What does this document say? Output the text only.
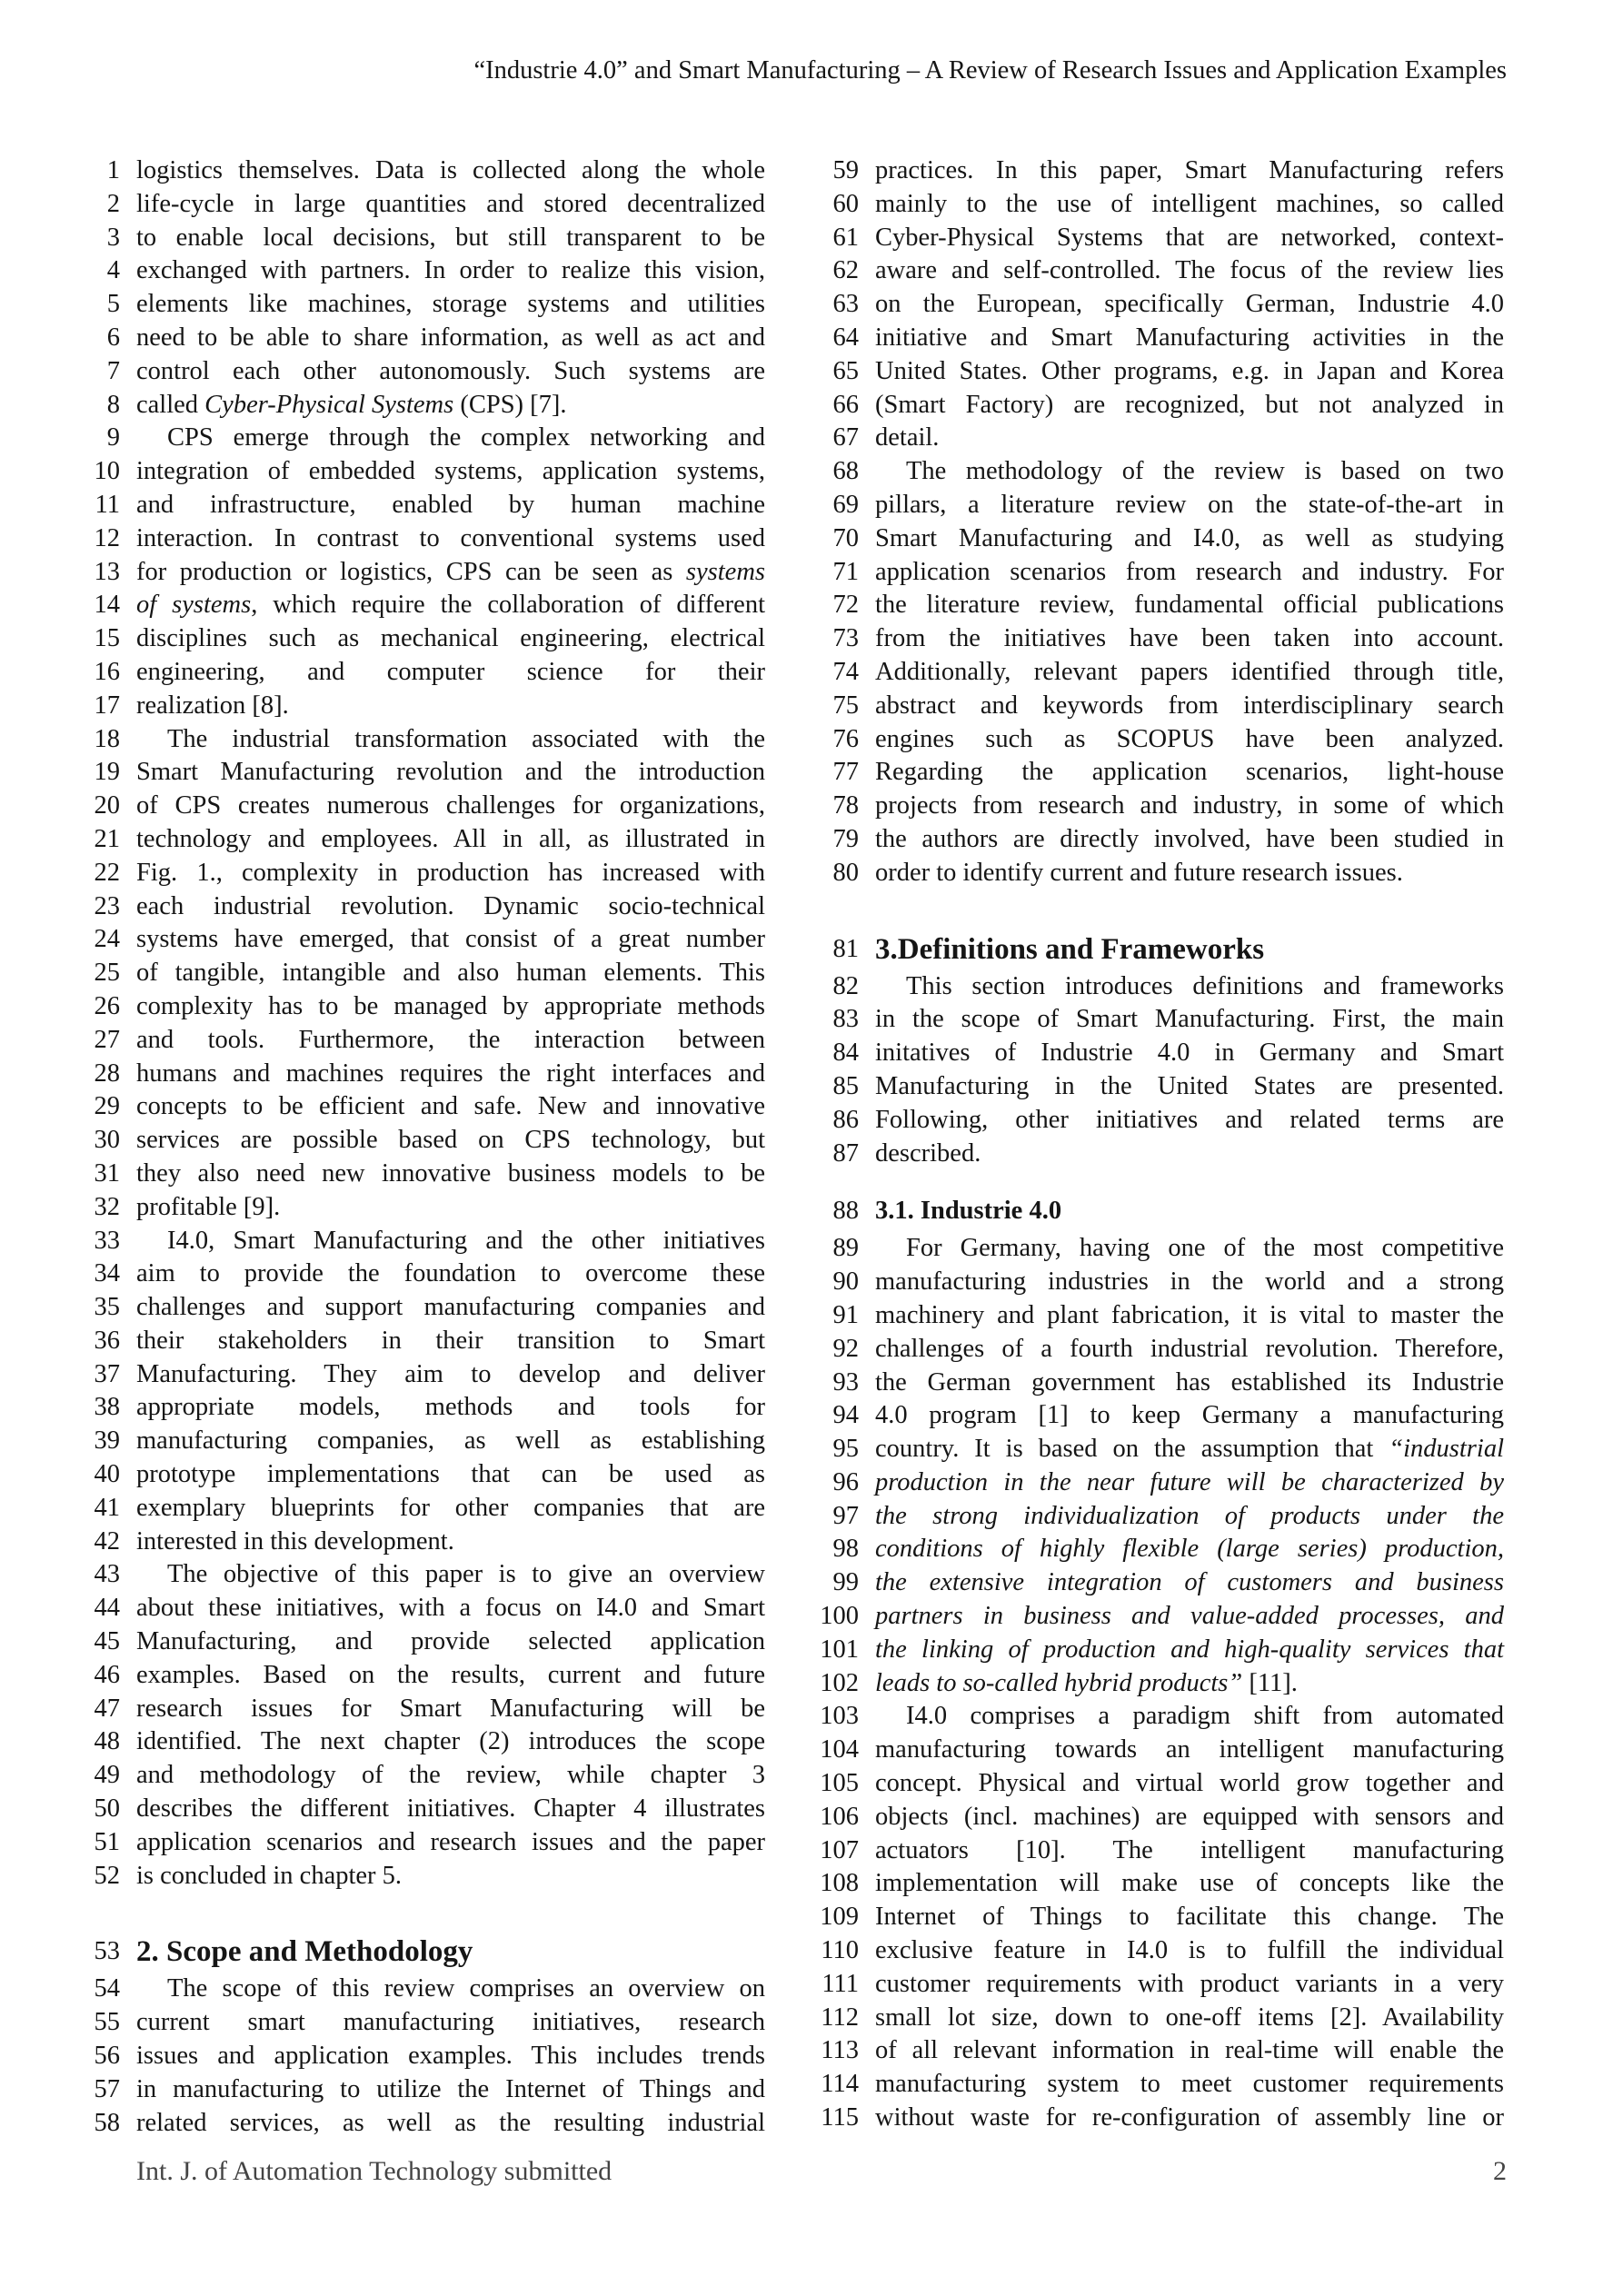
“Industrie 4.0” and Smart Manufacturing – A Review of Research Issues and Application Examples
1 logistics themselves. Data is collected along the whole
2 life-cycle in large quantities and stored decentralized
3 to enable local decisions, but still transparent to be
4 exchanged with partners. In order to realize this vision,
5 elements like machines, storage systems and utilities
6 need to be able to share information, as well as act and
7 control each other autonomously. Such systems are
8 called Cyber-Physical Systems (CPS) [7].
9 CPS emerge through the complex networking and
10 integration of embedded systems, application systems,
11 and infrastructure, enabled by human machine
12 interaction. In contrast to conventional systems used
13 for production or logistics, CPS can be seen as systems
14 of systems, which require the collaboration of different
15 disciplines such as mechanical engineering, electrical
16 engineering, and computer science for their
17 realization [8].
18 The industrial transformation associated with the
19 Smart Manufacturing revolution and the introduction
20 of CPS creates numerous challenges for organizations,
21 technology and employees. All in all, as illustrated in
22 Fig. 1., complexity in production has increased with
23 each industrial revolution. Dynamic socio-technical
24 systems have emerged, that consist of a great number
25 of tangible, intangible and also human elements. This
26 complexity has to be managed by appropriate methods
27 and tools. Furthermore, the interaction between
28 humans and machines requires the right interfaces and
29 concepts to be efficient and safe. New and innovative
30 services are possible based on CPS technology, but
31 they also need new innovative business models to be
32 profitable [9].
33 I4.0, Smart Manufacturing and the other initiatives
34 aim to provide the foundation to overcome these
35 challenges and support manufacturing companies and
36 their stakeholders in their transition to Smart
37 Manufacturing. They aim to develop and deliver
38 appropriate models, methods and tools for
39 manufacturing companies, as well as establishing
40 prototype implementations that can be used as
41 exemplary blueprints for other companies that are
42 interested in this development.
43 The objective of this paper is to give an overview
44 about these initiatives, with a focus on I4.0 and Smart
45 Manufacturing, and provide selected application
46 examples. Based on the results, current and future
47 research issues for Smart Manufacturing will be
48 identified. The next chapter (2) introduces the scope
49 and methodology of the review, while chapter 3
50 describes the different initiatives. Chapter 4 illustrates
51 application scenarios and research issues and the paper
52 is concluded in chapter 5.
53 2. Scope and Methodology
54 The scope of this review comprises an overview on
55 current smart manufacturing initiatives, research
56 issues and application examples. This includes trends
57 in manufacturing to utilize the Internet of Things and
58 related services, as well as the resulting industrial
59 practices. In this paper, Smart Manufacturing refers
60 mainly to the use of intelligent machines, so called
61 Cyber-Physical Systems that are networked, context-
62 aware and self-controlled. The focus of the review lies
63 on the European, specifically German, Industrie 4.0
64 initiative and Smart Manufacturing activities in the
65 United States. Other programs, e.g. in Japan and Korea
66 (Smart Factory) are recognized, but not analyzed in
67 detail.
68 The methodology of the review is based on two
69 pillars, a literature review on the state-of-the-art in
70 Smart Manufacturing and I4.0, as well as studying
71 application scenarios from research and industry. For
72 the literature review, fundamental official publications
73 from the initiatives have been taken into account.
74 Additionally, relevant papers identified through title,
75 abstract and keywords from interdisciplinary search
76 engines such as SCOPUS have been analyzed.
77 Regarding the application scenarios, light-house
78 projects from research and industry, in some of which
79 the authors are directly involved, have been studied in
80 order to identify current and future research issues.
81 3.Definitions and Frameworks
82 This section introduces definitions and frameworks
83 in the scope of Smart Manufacturing. First, the main
84 initatives of Industrie 4.0 in Germany and Smart
85 Manufacturing in the United States are presented.
86 Following, other initiatives and related terms are
87 described.
88 3.1. Industrie 4.0
89 For Germany, having one of the most competitive
90 manufacturing industries in the world and a strong
91 machinery and plant fabrication, it is vital to master the
92 challenges of a fourth industrial revolution. Therefore,
93 the German government has established its Industrie
94 4.0 program [1] to keep Germany a manufacturing
95 country. It is based on the assumption that “industrial
96 production in the near future will be characterized by
97 the strong individualization of products under the
98 conditions of highly flexible (large series) production,
99 the extensive integration of customers and business
100 partners in business and value-added processes, and
101 the linking of production and high-quality services that
102 leads to so-called hybrid products” [11].
103 I4.0 comprises a paradigm shift from automated
104 manufacturing towards an intelligent manufacturing
105 concept. Physical and virtual world grow together and
106 objects (incl. machines) are equipped with sensors and
107 actuators [10]. The intelligent manufacturing
108 implementation will make use of concepts like the
109 Internet of Things to facilitate this change. The
110 exclusive feature in I4.0 is to fulfill the individual
111 customer requirements with product variants in a very
112 small lot size, down to one-off items [2]. Availability
113 of all relevant information in real-time will enable the
114 manufacturing system to meet customer requirements
115 without waste for re-configuration of assembly line or
Int. J. of Automation Technology submitted	2
